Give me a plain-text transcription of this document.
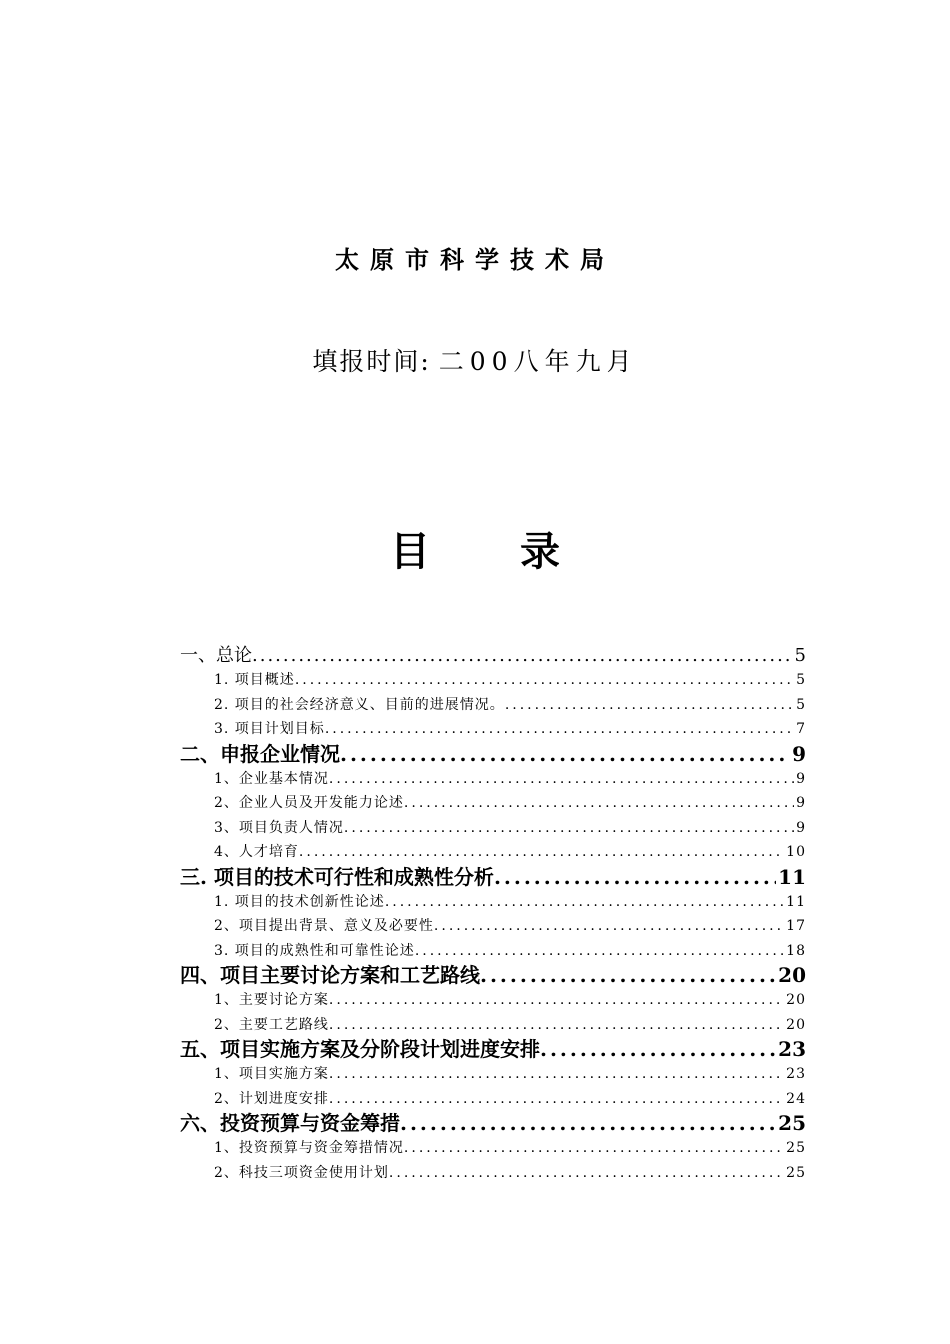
太原市科学技术局
填报时间: 二00八年九月
目 录
一、总论 .....	5
1. 项目概述 .....	5
2. 项目的社会经济意义、目前的进展情况。 .....	5
3. 项目计划目标 .....	7
二、申报企业情况 .....	9
1、企业基本情况 .....	9
2、企业人员及开发能力论述 .....	9
3、项目负责人情况 .....	9
4、人才培育 .....	10
三. 项目的技术可行性和成熟性分析 .....	11
1. 项目的技术创新性论述 .....	11
2、项目提出背景、意义及必要性 .....	17
3. 项目的成熟性和可靠性论述 .....	18
四、项目主要讨论方案和工艺路线 .....	20
1、主要讨论方案 .....	20
2、主要工艺路线 .....	20
五、项目实施方案及分阶段计划进度安排 .....	23
1、项目实施方案 .....	23
2、计划进度安排 .....	24
六、投资预算与资金筹措 .....	25
1、投资预算与资金筹措情况 .....	25
2、科技三项资金使用计划 .....	25
